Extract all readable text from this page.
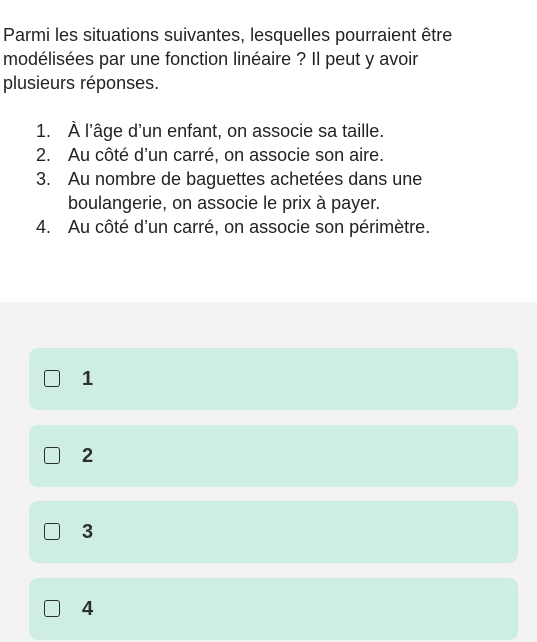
Parmi les situations suivantes, lesquelles pourraient être
modélisées par une fonction linéaire ? Il peut y avoir
plusieurs réponses.
1. À l’âge d’un enfant, on associe sa taille.
2. Au côté d’un carré, on associe son aire.
3. Au nombre de baguettes achetées dans une boulangerie, on associe le prix à payer.
4. Au côté d’un carré, on associe son périmètre.
1
2
3
4
